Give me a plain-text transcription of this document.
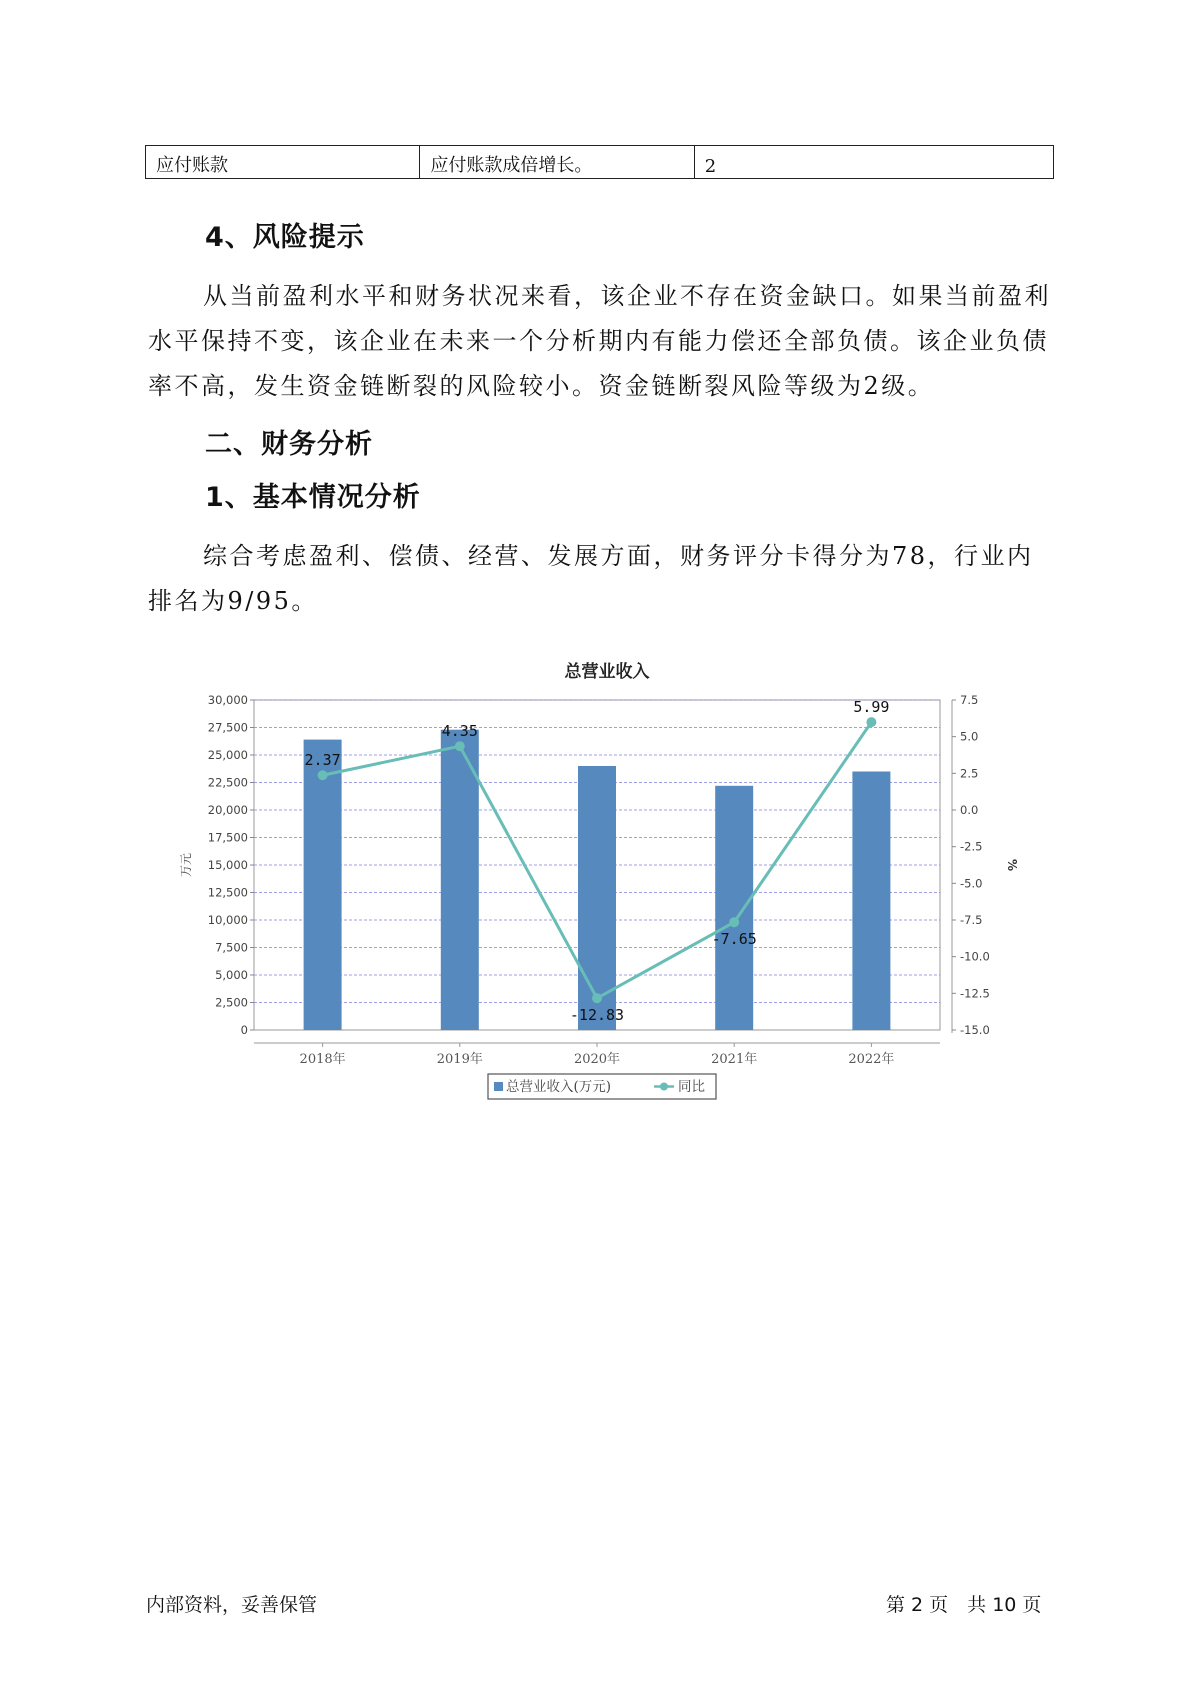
应付账款	应付账款成倍增长。	2
4、风险提示

从当前盈利水平和财务状况来看，该企业不存在资金缺口。如果当前盈利水平保持不变，该企业在未来一个分析期内有能力偿还全部负债。该企业负债率不高，发生资金链断裂的风险较小。资金链断裂风险等级为2级。

二、财务分析
1、基本情况分析

综合考虑盈利、偿债、经营、发展方面，财务评分卡得分为78，行业内排名为9/95。

总营业收入
0
2,500
5,000
7,500
10,000
12,500
15,000
17,500
20,000
22,500
25,000
27,500
30,000
万元
-15.0
-12.5
-10.0
-7.5
-5.0
-2.5
0.0
2.5
5.0
7.5
%
2018年	2019年	2020年	2021年	2022年
2.37
4.35
-12.83
-7.65
5.99
总营业收入(万元)	同比
内部资料，妥善保管	第 2 页　共 10 页
